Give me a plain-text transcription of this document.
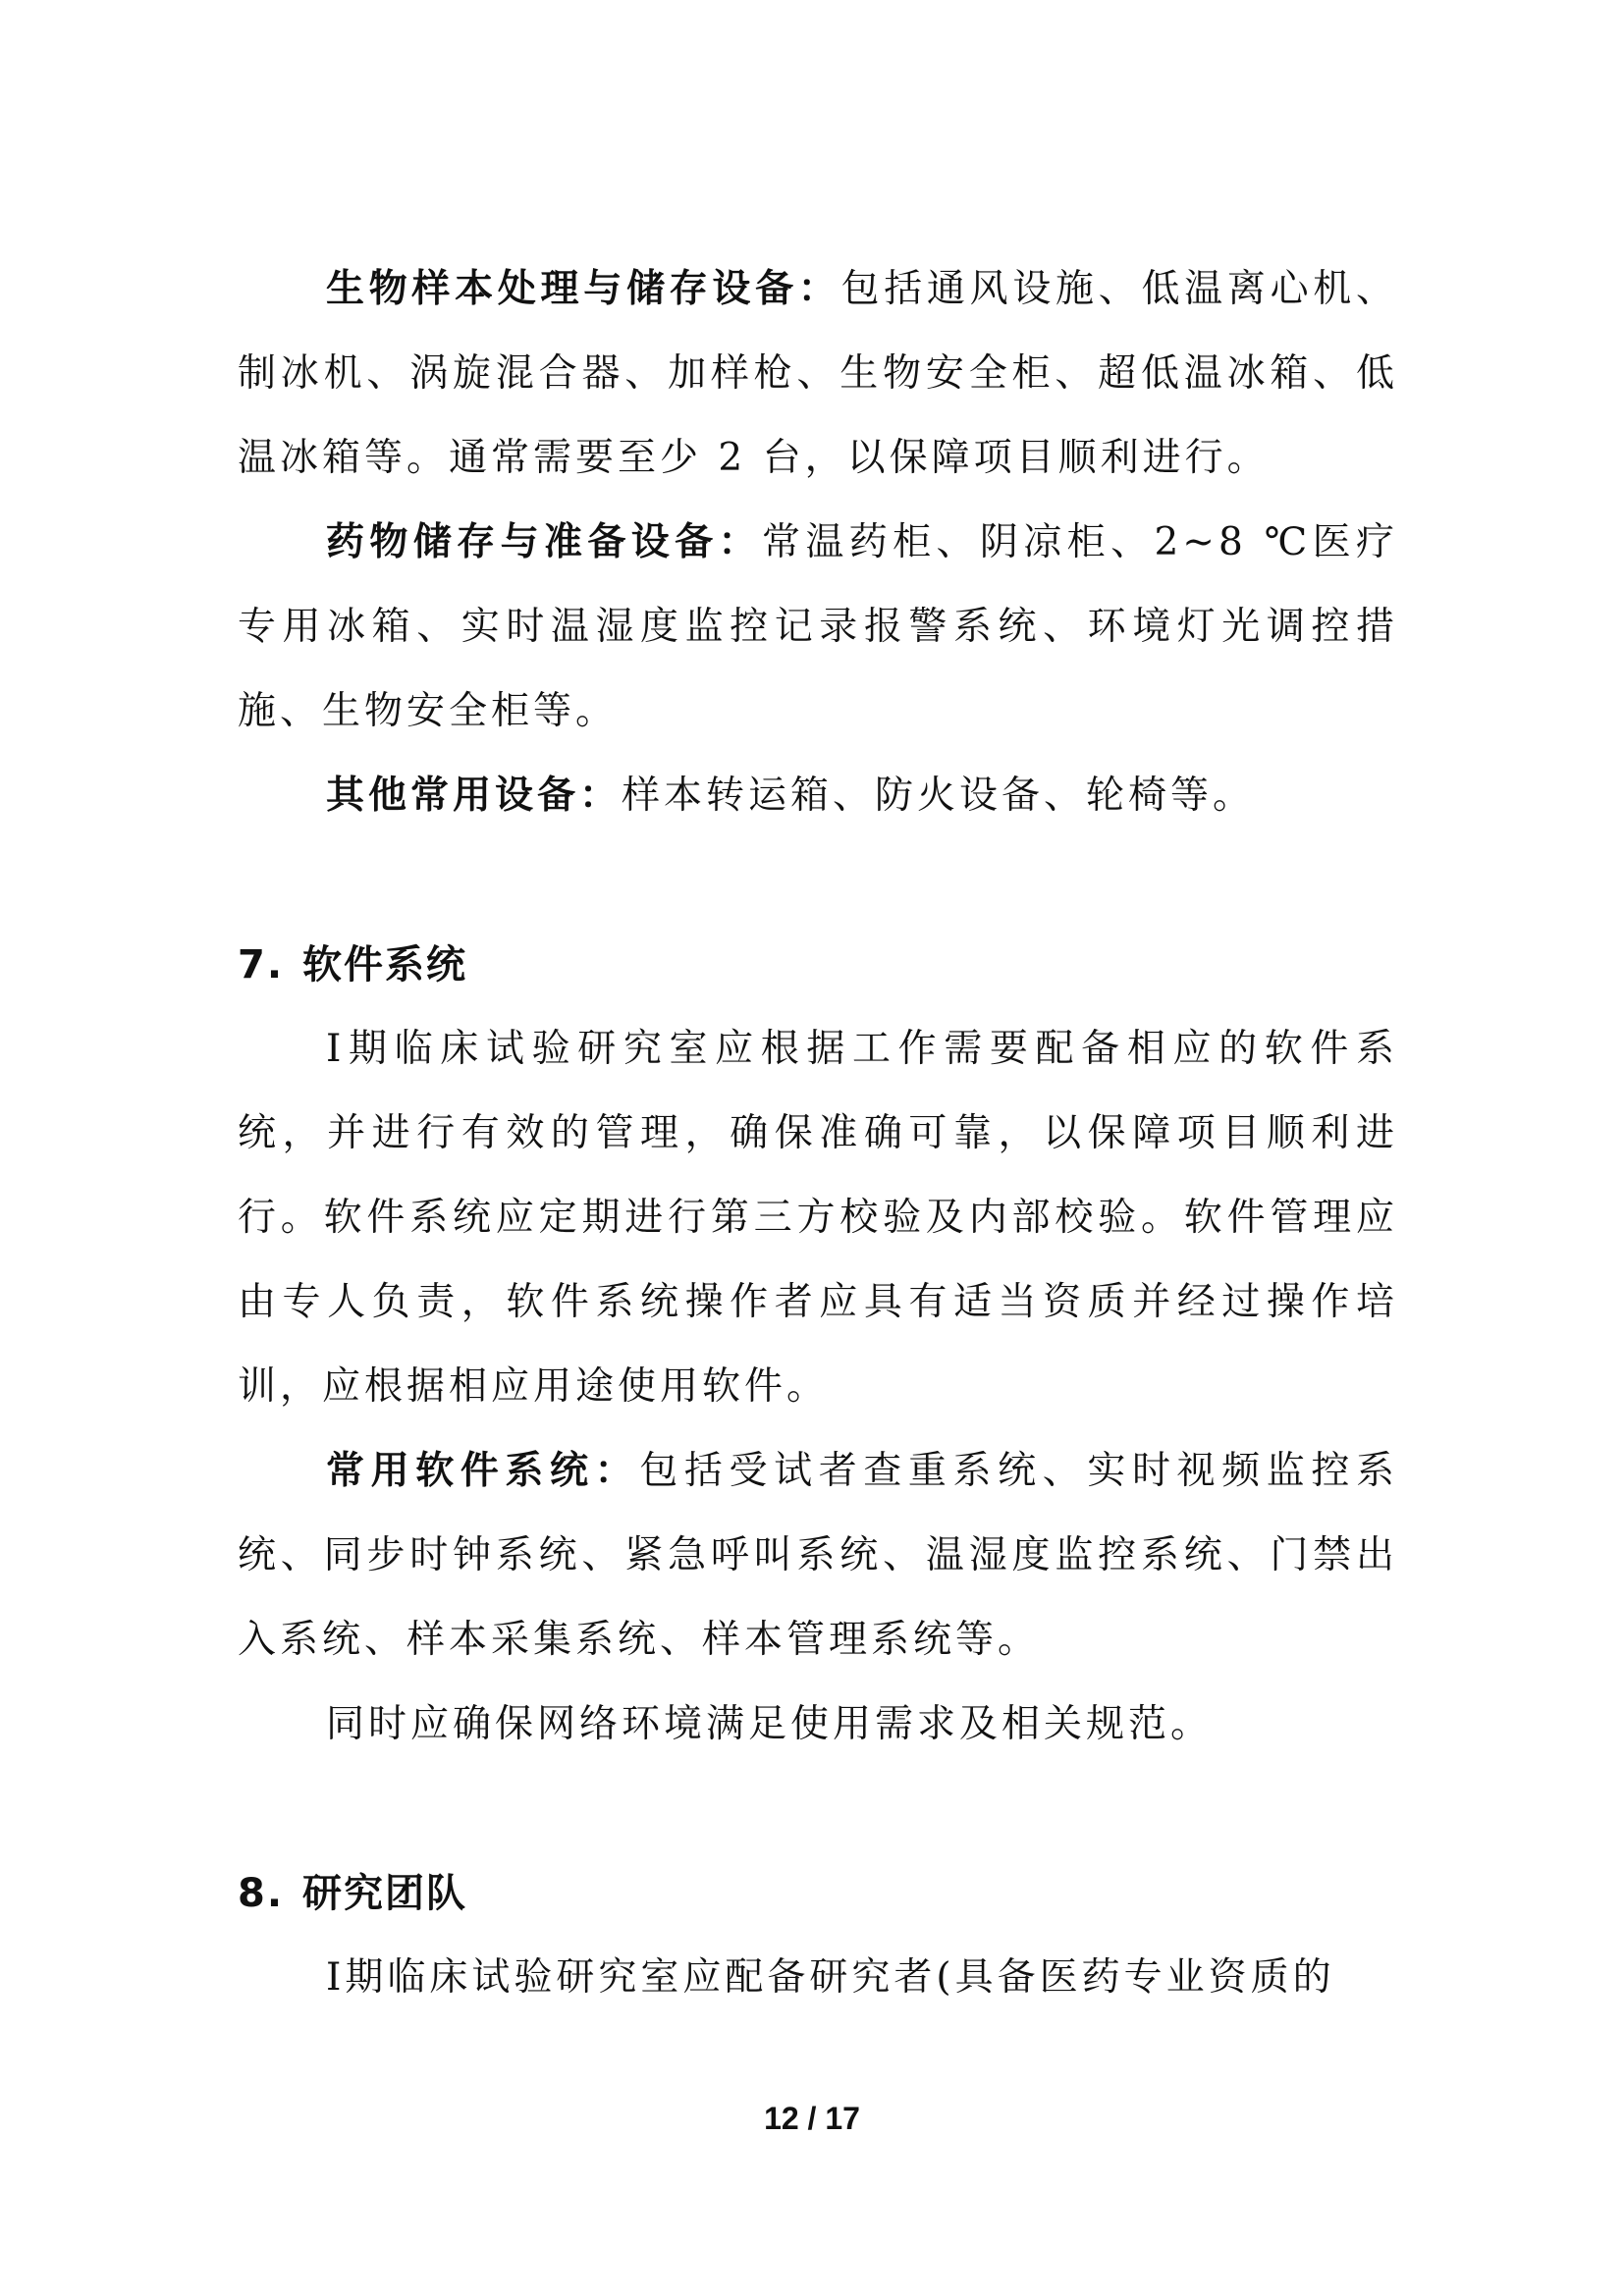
生物样本处理与储存设备：包括通风设施、低温离心机、制冰机、涡旋混合器、加样枪、生物安全柜、超低温冰箱、低温冰箱等。通常需要至少 2 台，以保障项目顺利进行。

药物储存与准备设备：常温药柜、阴凉柜、2~8 ℃医疗专用冰箱、实时温湿度监控记录报警系统、环境灯光调控措施、生物安全柜等。

其他常用设备：样本转运箱、防火设备、轮椅等。

7. 软件系统

Ⅰ期临床试验研究室应根据工作需要配备相应的软件系统，并进行有效的管理，确保准确可靠，以保障项目顺利进行。软件系统应定期进行第三方校验及内部校验。软件管理应由专人负责，软件系统操作者应具有适当资质并经过操作培训，应根据相应用途使用软件。

常用软件系统：包括受试者查重系统、实时视频监控系统、同步时钟系统、紧急呼叫系统、温湿度监控系统、门禁出入系统、样本采集系统、样本管理系统等。

同时应确保网络环境满足使用需求及相关规范。

8. 研究团队

Ⅰ期临床试验研究室应配备研究者(具备医药专业资质的

12 / 17
